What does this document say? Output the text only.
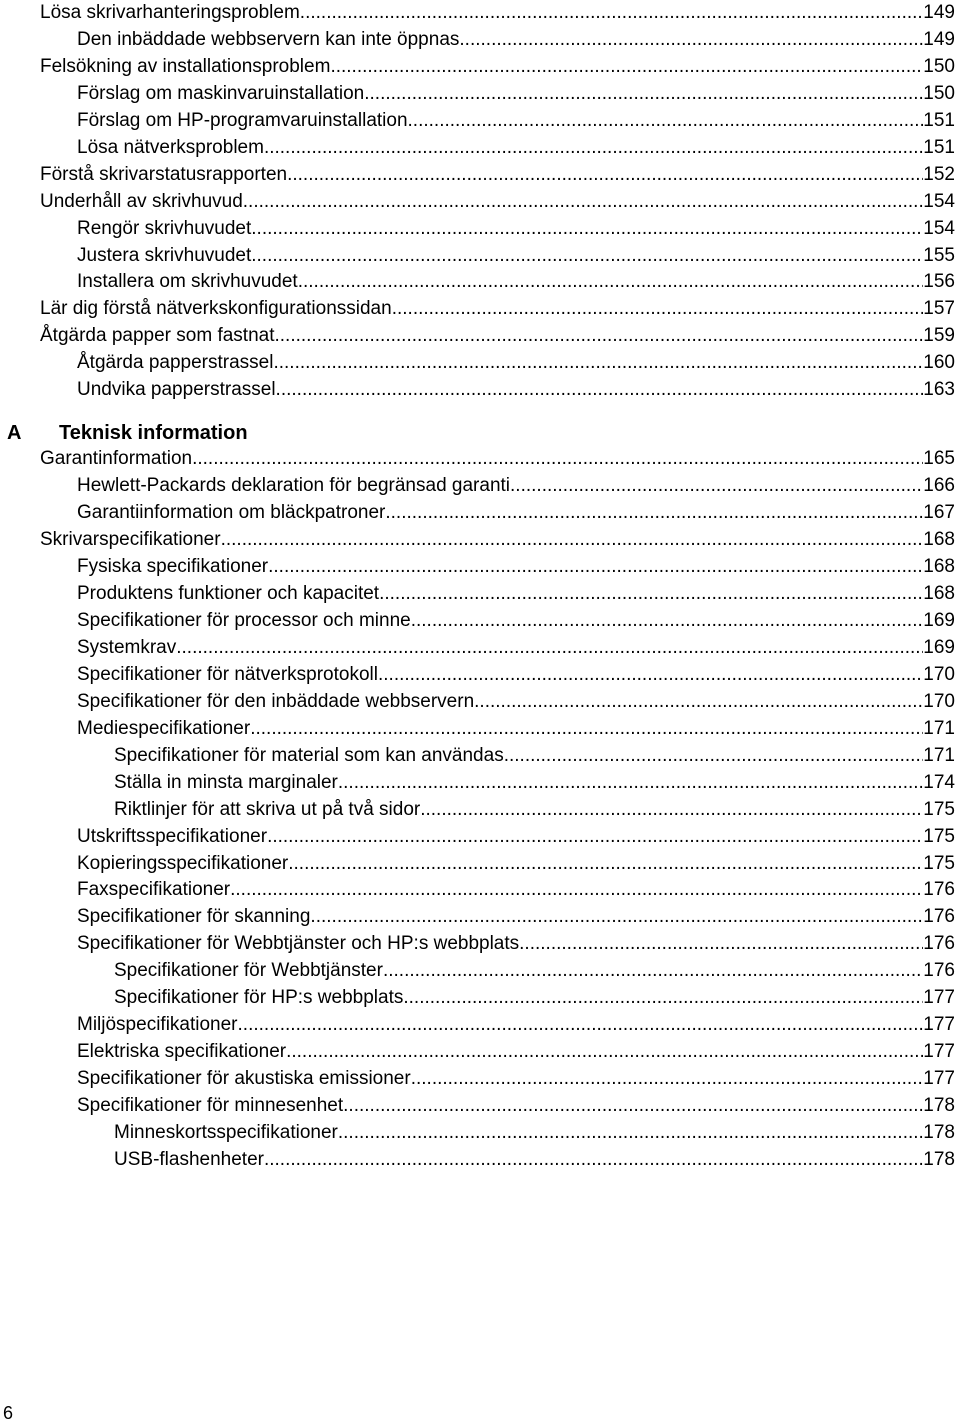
Lösa skrivarhanteringsproblem .....	149
Den inbäddade webbservern kan inte öppnas .....	149
Felsökning av installationsproblem .....	150
Förslag om maskinvaruinstallation .....	150
Förslag om HP-programvaruinstallation .....	151
Lösa nätverksproblem .....	151
Förstå skrivarstatusrapporten .....	152
Underhåll av skrivhuvud .....	154
Rengör skrivhuvudet .....	154
Justera skrivhuvudet .....	155
Installera om skrivhuvudet .....	156
Lär dig förstå nätverkskonfigurationssidan .....	157
Åtgärda papper som fastnat .....	159
Åtgärda papperstrassel .....	160
Undvika papperstrassel .....	163
A Teknisk information
Garantinformation .....	165
Hewlett-Packards deklaration för begränsad garanti .....	166
Garantiinformation om bläckpatroner .....	167
Skrivarspecifikationer .....	168
Fysiska specifikationer .....	168
Produktens funktioner och kapacitet .....	168
Specifikationer för processor och minne .....	169
Systemkrav .....	169
Specifikationer för nätverksprotokoll .....	170
Specifikationer för den inbäddade webbservern .....	170
Mediespecifikationer .....	171
Specifikationer för material som kan användas .....	171
Ställa in minsta marginaler .....	174
Riktlinjer för att skriva ut på två sidor .....	175
Utskriftsspecifikationer .....	175
Kopieringsspecifikationer .....	175
Faxspecifikationer .....	176
Specifikationer för skanning .....	176
Specifikationer för Webbtjänster och HP:s webbplats .....	176
Specifikationer för Webbtjänster .....	176
Specifikationer för HP:s webbplats .....	177
Miljöspecifikationer .....	177
Elektriska specifikationer .....	177
Specifikationer för akustiska emissioner .....	177
Specifikationer för minnesenhet .....	178
Minneskortsspecifikationer .....	178
USB-flashenheter .....	178
6
